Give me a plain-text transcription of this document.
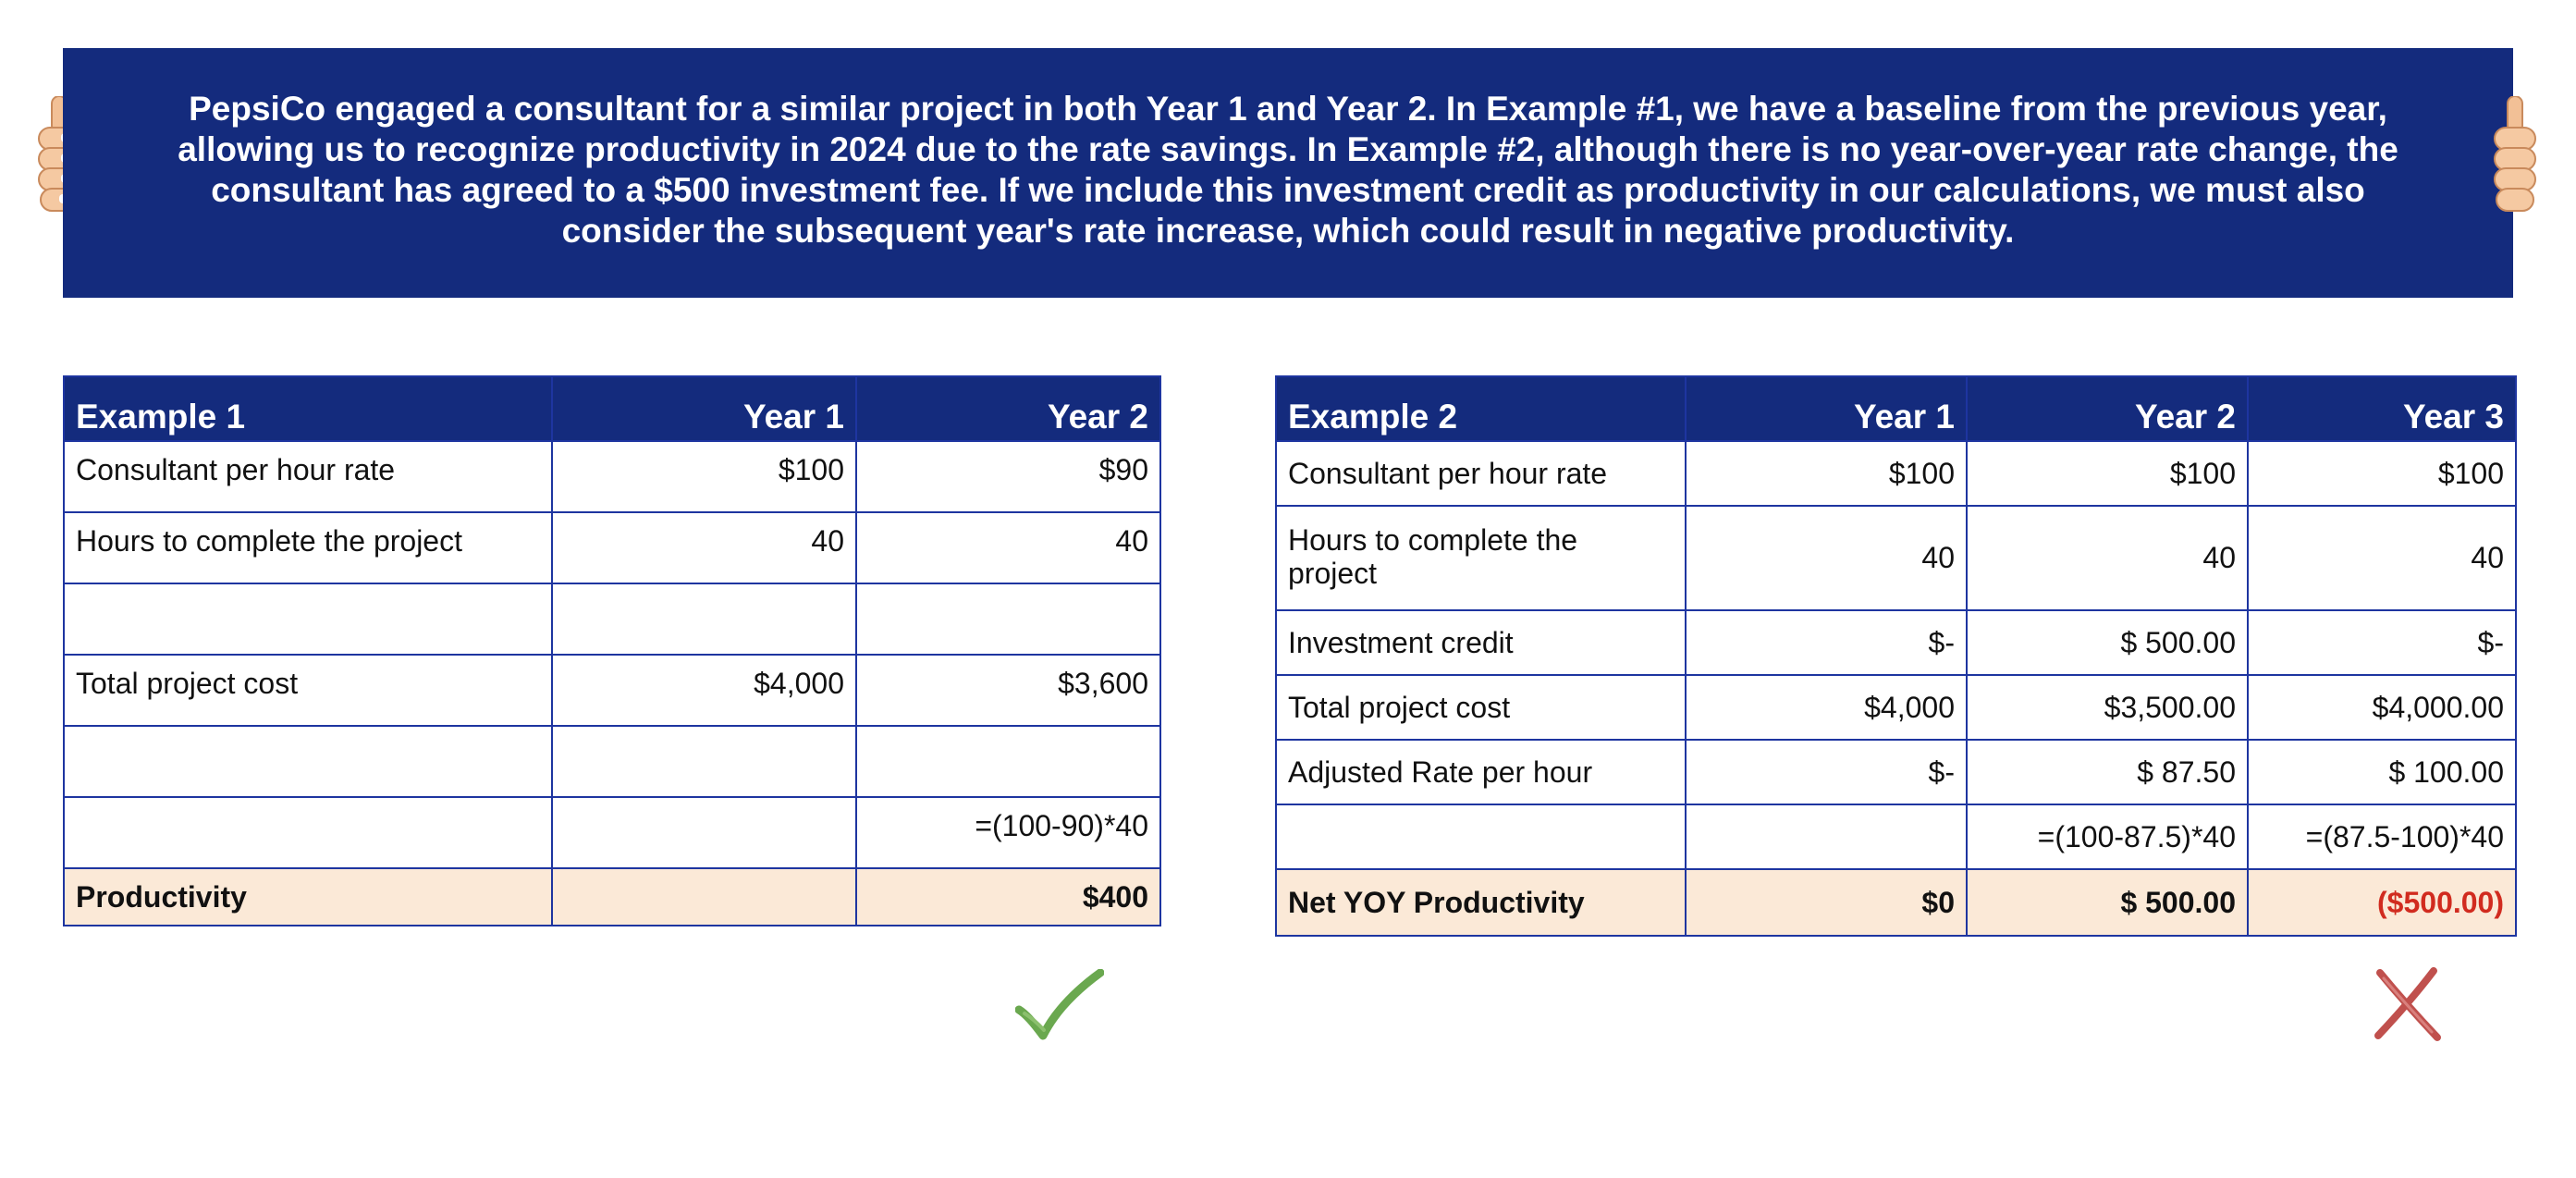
PepsiCo engaged a consultant for a similar project in both Year 1 and Year 2. In Example #1, we have a baseline from the previous year, allowing us to recognize productivity in 2024 due to the rate savings. In Example #2, although there is no year-over-year rate change, the consultant has agreed to a $500 investment fee. If we include this investment credit as productivity in our calculations, we must also consider the subsequent year's rate increase, which could result in negative productivity.
Example 1	Year 1	Year 2
Consultant per hour rate	$100	$90
Hours to complete the project	40	40

Total project cost	$4,000	$3,600

		=(100-90)*40
Productivity		$400
Example 2	Year 1	Year 2	Year 3
Consultant per hour rate	$100	$100	$100
Hours to complete the project	40	40	40
Investment credit	$-	$ 500.00	$-
Total project cost	$4,000	$3,500.00	$4,000.00
Adjusted Rate per hour	$-	$ 87.50	$ 100.00
		=(100-87.5)*40	=(87.5-100)*40
Net YOY Productivity	$0	$ 500.00	($500.00)
